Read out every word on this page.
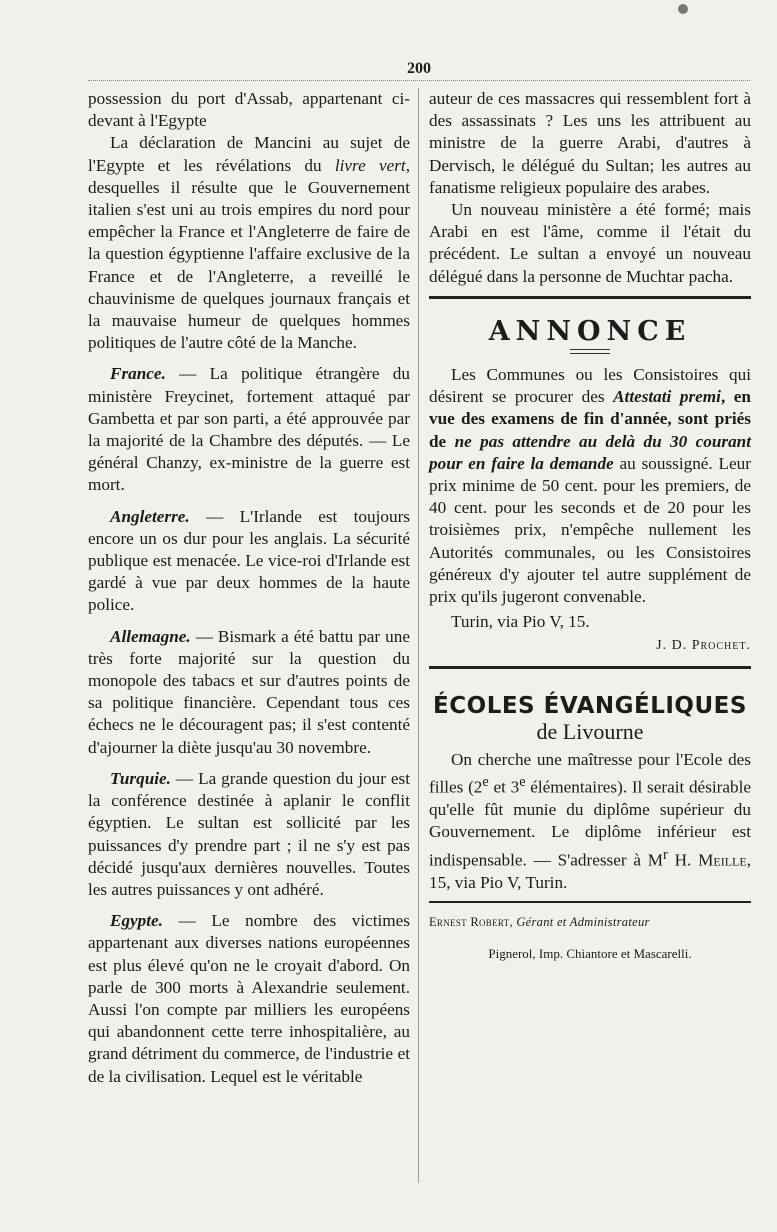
200

possession du port d'Assab, appartenant ci-devant à l'Egypte

La déclaration de Mancini au sujet de l'Egypte et les révélations du livre vert, desquelles il résulte que le Gouvernement italien s'est uni au trois empires du nord pour empêcher la France et l'Angleterre de faire de la question égyptienne l'affaire exclusive de la France et de l'Angleterre, a reveillé le chauvinisme de quelques journaux français et la mauvaise humeur de quelques hommes politiques de l'autre côté de la Manche.

France. — La politique étrangère du ministère Freycinet, fortement attaqué par Gambetta et par son parti, a été approuvée par la majorité de la Chambre des députés. — Le général Chanzy, ex-ministre de la guerre est mort.

Angleterre. — L'Irlande est toujours encore un os dur pour les anglais. La sécurité publique est menacée. Le vice-roi d'Irlande est gardé à vue par deux hommes de la haute police.

Allemagne. — Bismark a été battu par une très forte majorité sur la question du monopole des tabacs et sur d'autres points de sa politique financière. Cependant tous ces échecs ne le découragent pas; il s'est contenté d'ajourner la diète jusqu'au 30 novembre.

Turquie. — La grande question du jour est la conférence destinée à aplanir le conflit égyptien. Le sultan est sollicité par les puissances d'y prendre part ; il ne s'y est pas décidé jusqu'aux dernières nouvelles. Toutes les autres puissances y ont adhéré.

Egypte. — Le nombre des victimes appartenant aux diverses nations européennes est plus élevé qu'on ne le croyait d'abord. On parle de 300 morts à Alexandrie seulement. Aussi l'on compte par milliers les européens qui abandonnent cette terre inhospitalière, au grand détriment du commerce, de l'industrie et de la civilisation. Lequel est le véritable

auteur de ces massacres qui ressemblent fort à des assassinats ? Les uns les attribuent au ministre de la guerre Arabi, d'autres à Dervisch, le délégué du Sultan; les autres au fanatisme religieux populaire des arabes.

Un nouveau ministère a été formé; mais Arabi en est l'âme, comme il l'était du précédent. Le sultan a envoyé un nouveau délégué dans la personne de Muchtar pacha.

ANNONCE

Les Communes ou les Consistoires qui désirent se procurer des Attestati premi, en vue des examens de fin d'année, sont priés de ne pas attendre au delà du 30 courant pour en faire la demande au soussigné. Leur prix minime de 50 cent. pour les premiers, de 40 cent. pour les seconds et de 20 pour les troisièmes prix, n'empêche nullement les Autorités communales, ou les Consistoires généreux d'y ajouter tel autre supplément de prix qu'ils jugeront convenable.

Turin, via Pio V, 15.

J. D. Prochet.

ÉCOLES ÉVANGÉLIQUES
de Livourne

On cherche une maîtresse pour l'Ecole des filles (2e et 3e élémentaires). Il serait désirable qu'elle fût munie du diplôme supérieur du Gouvernement. Le diplôme inférieur est indispensable. — S'adresser à $M^r$ H. Meille, 15, via Pio V, Turin.

Ernest Robert, Gérant et Administrateur

Pignerol, Imp. Chiantore et Mascarelli.
